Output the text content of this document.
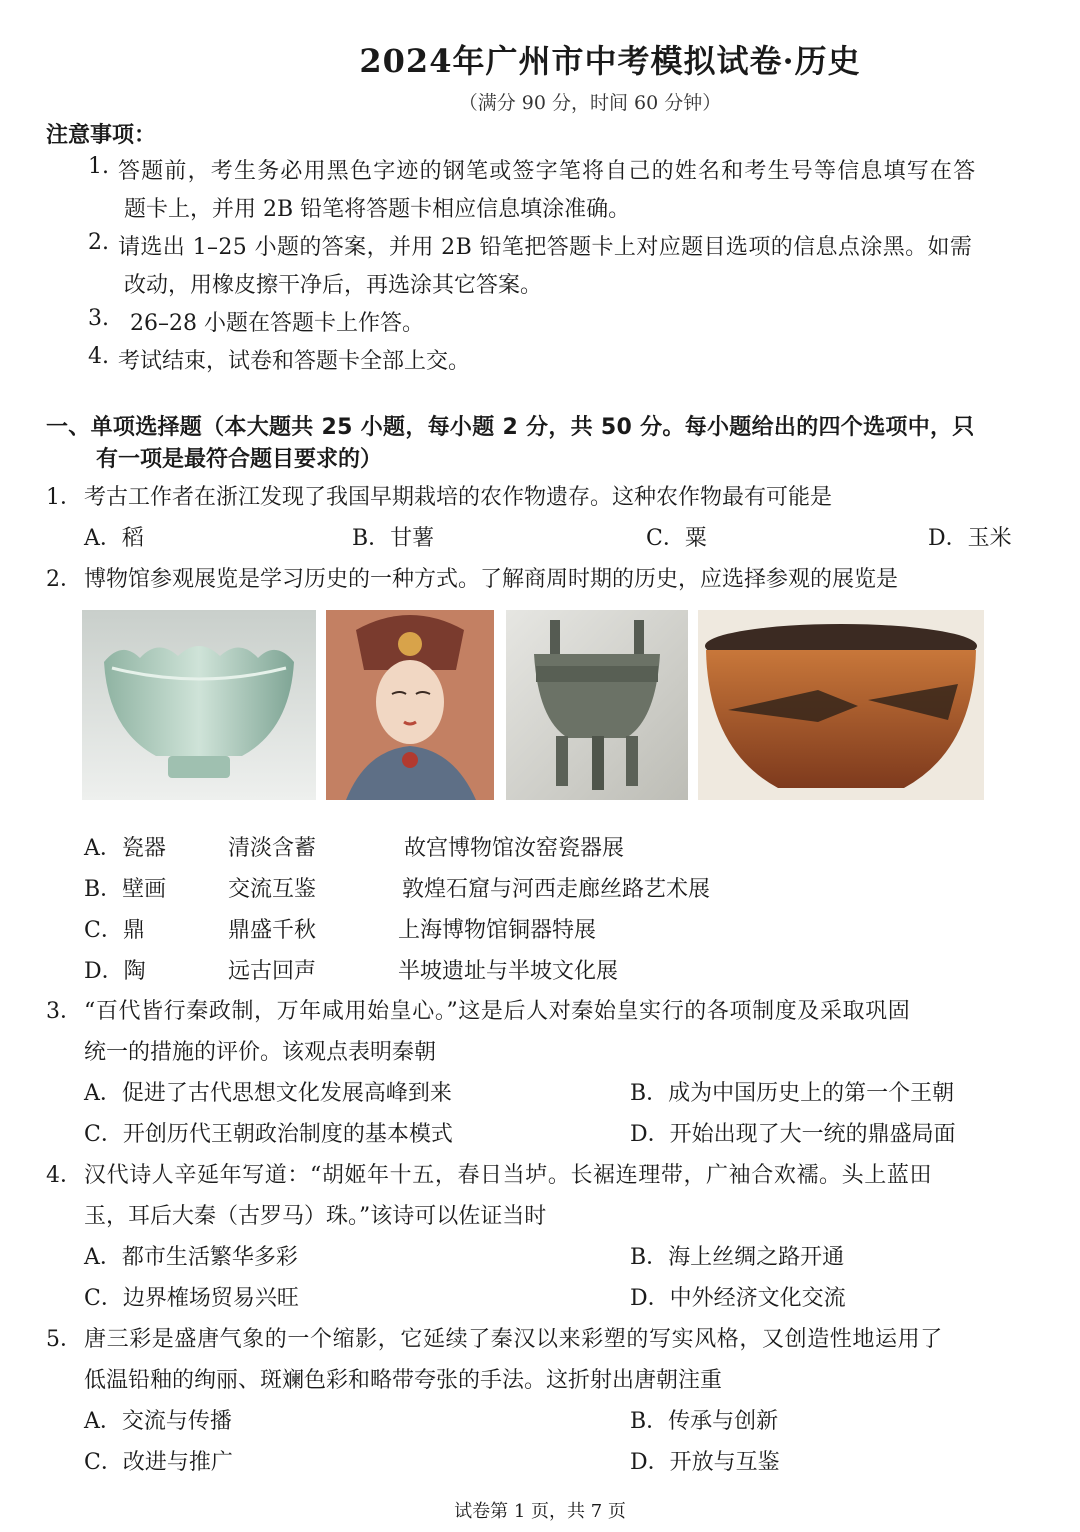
2024年广州市中考模拟试卷·历史
（满分 90 分，时间 60 分钟）
注意事项：
1. 答题前，考生务必用黑色字迹的钢笔或签字笔将自己的姓名和考生号等信息填写在答
题卡上，并用 2B 铅笔将答题卡相应信息填涂准确。
2. 请选出 1–25 小题的答案，并用 2B 铅笔把答题卡上对应题目选项的信息点涂黑。如需
改动，用橡皮擦干净后，再选涂其它答案。
3. 26–28 小题在答题卡上作答。
4. 考试结束，试卷和答题卡全部上交。
一、单项选择题（本大题共 25 小题，每小题 2 分，共 50 分。每小题给出的四个选项中，只
有一项是最符合题目要求的）
1． 考古工作者在浙江发现了我国早期栽培的农作物遗存。这种农作物最有可能是
A．稻	B．甘薯	C．粟	D．玉米
2． 博物馆参观展览是学习历史的一种方式。了解商周时期的历史，应选择参观的展览是
A．瓷器	清淡含蓄	故宫博物馆汝窑瓷器展
B．壁画	交流互鉴	敦煌石窟与河西走廊丝路艺术展
C．鼎	鼎盛千秋	上海博物馆铜器特展
D．陶	远古回声	半坡遗址与半坡文化展
3． “百代皆行秦政制，万年咸用始皇心。”这是后人对秦始皇实行的各项制度及采取巩固
统一的措施的评价。该观点表明秦朝
A．促进了古代思想文化发展高峰到来	B．成为中国历史上的第一个王朝
C．开创历代王朝政治制度的基本模式	D．开始出现了大一统的鼎盛局面
4． 汉代诗人辛延年写道：“胡姬年十五，春日当垆。长裾连理带，广袖合欢襦。头上蓝田
玉，耳后大秦（古罗马）珠。”该诗可以佐证当时
A．都市生活繁华多彩	B．海上丝绸之路开通
C．边界榷场贸易兴旺	D．中外经济文化交流
5． 唐三彩是盛唐气象的一个缩影，它延续了秦汉以来彩塑的写实风格，又创造性地运用了
低温铅釉的绚丽、斑斓色彩和略带夸张的手法。这折射出唐朝注重
A．交流与传播	B．传承与创新
C．改进与推广	D．开放与互鉴
试卷第 1 页，共 7 页
